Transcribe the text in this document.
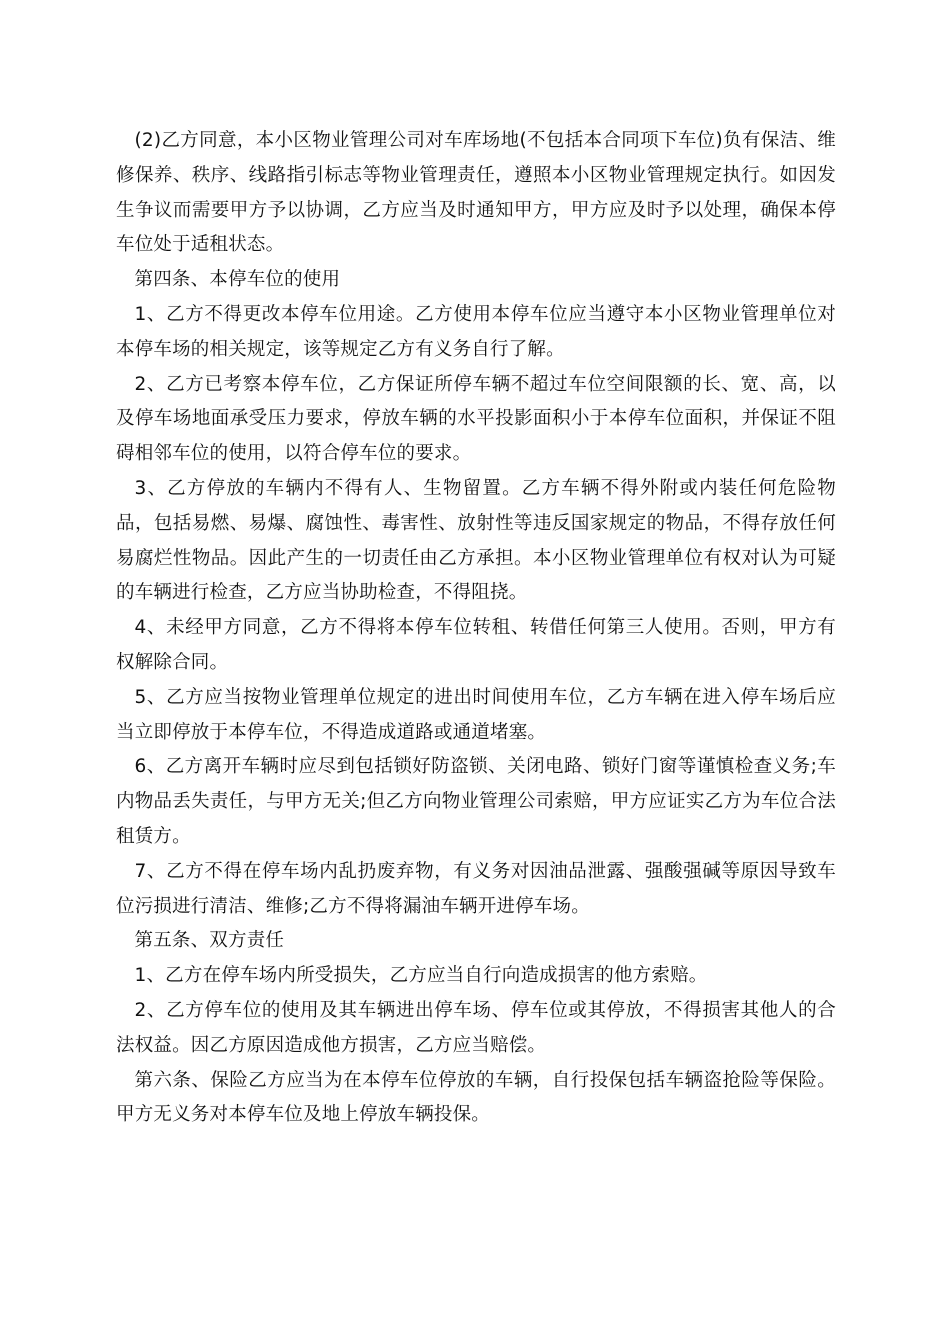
(2)乙方同意，本小区物业管理公司对车库场地(不包括本合同项下车位)负有保洁、维修保养、秩序、线路指引标志等物业管理责任，遵照本小区物业管理规定执行。如因发生争议而需要甲方予以协调，乙方应当及时通知甲方，甲方应及时予以处理，确保本停车位处于适租状态。

第四条、本停车位的使用

1、乙方不得更改本停车位用途。乙方使用本停车位应当遵守本小区物业管理单位对本停车场的相关规定，该等规定乙方有义务自行了解。

2、乙方已考察本停车位，乙方保证所停车辆不超过车位空间限额的长、宽、高，以及停车场地面承受压力要求，停放车辆的水平投影面积小于本停车位面积，并保证不阻碍相邻车位的使用，以符合停车位的要求。

3、乙方停放的车辆内不得有人、生物留置。乙方车辆不得外附或内装任何危险物品，包括易燃、易爆、腐蚀性、毒害性、放射性等违反国家规定的物品，不得存放任何易腐烂性物品。因此产生的一切责任由乙方承担。本小区物业管理单位有权对认为可疑的车辆进行检查，乙方应当协助检查，不得阻挠。

4、未经甲方同意，乙方不得将本停车位转租、转借任何第三人使用。否则，甲方有权解除合同。

5、乙方应当按物业管理单位规定的进出时间使用车位，乙方车辆在进入停车场后应当立即停放于本停车位，不得造成道路或通道堵塞。

6、乙方离开车辆时应尽到包括锁好防盗锁、关闭电路、锁好门窗等谨慎检查义务;车内物品丢失责任，与甲方无关;但乙方向物业管理公司索赔，甲方应证实乙方为车位合法租赁方。

7、乙方不得在停车场内乱扔废弃物，有义务对因油品泄露、强酸强碱等原因导致车位污损进行清洁、维修;乙方不得将漏油车辆开进停车场。

第五条、双方责任

1、乙方在停车场内所受损失，乙方应当自行向造成损害的他方索赔。

2、乙方停车位的使用及其车辆进出停车场、停车位或其停放，不得损害其他人的合法权益。因乙方原因造成他方损害，乙方应当赔偿。

第六条、保险乙方应当为在本停车位停放的车辆，自行投保包括车辆盗抢险等保险。甲方无义务对本停车位及地上停放车辆投保。
